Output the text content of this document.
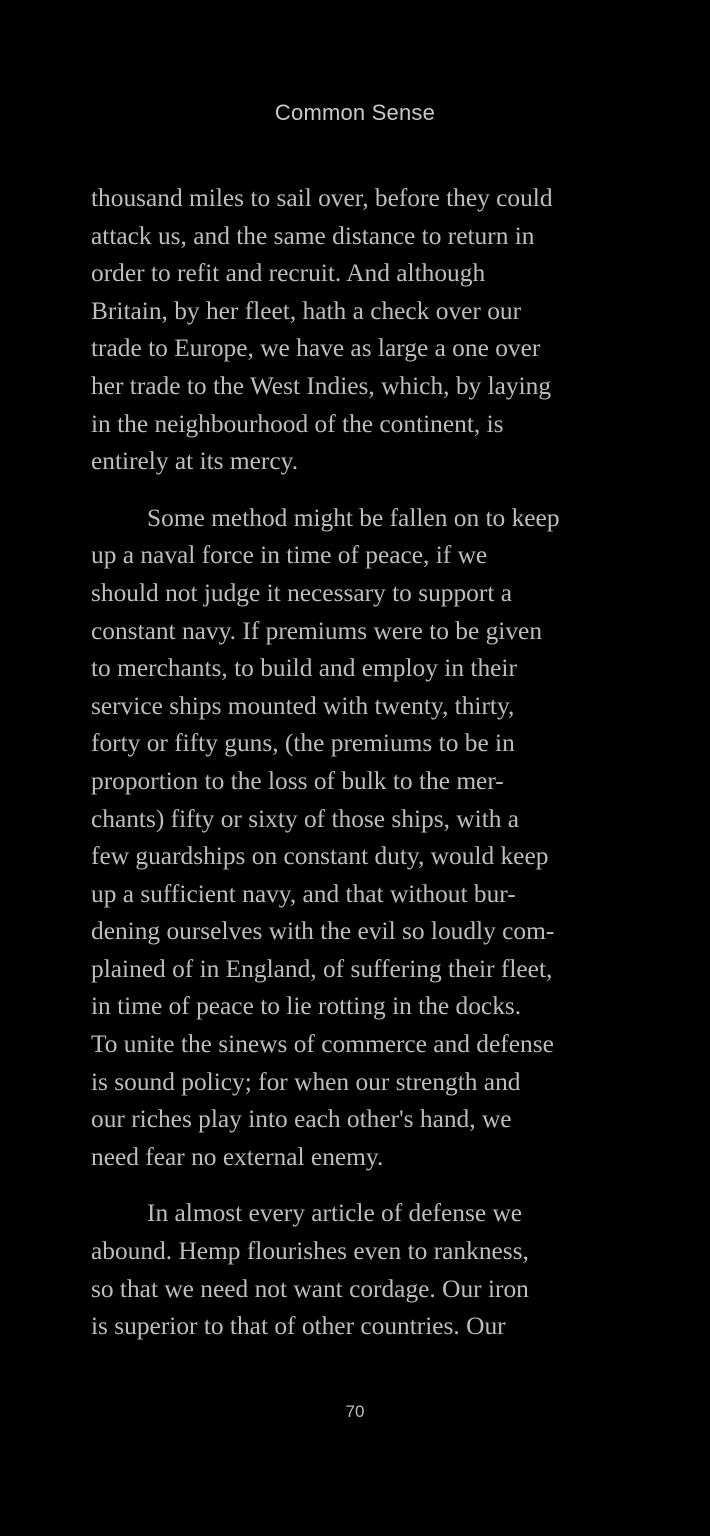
Common Sense
thousand miles to sail over, before they could
attack us, and the same distance to return in
order to refit and recruit. And although
Britain, by her fleet, hath a check over our
trade to Europe, we have as large a one over
her trade to the West Indies, which, by laying
in the neighbourhood of the continent, is
entirely at its mercy.
Some method might be fallen on to keep
up a naval force in time of peace, if we
should not judge it necessary to support a
constant navy. If premiums were to be given
to merchants, to build and employ in their
service ships mounted with twenty, thirty,
forty or fifty guns, (the premiums to be in
proportion to the loss of bulk to the mer-
chants) fifty or sixty of those ships, with a
few guardships on constant duty, would keep
up a sufficient navy, and that without bur-
dening ourselves with the evil so loudly com-
plained of in England, of suffering their fleet,
in time of peace to lie rotting in the docks.
To unite the sinews of commerce and defense
is sound policy; for when our strength and
our riches play into each other's hand, we
need fear no external enemy.
In almost every article of defense we
abound. Hemp flourishes even to rankness,
so that we need not want cordage. Our iron
is superior to that of other countries. Our
70
